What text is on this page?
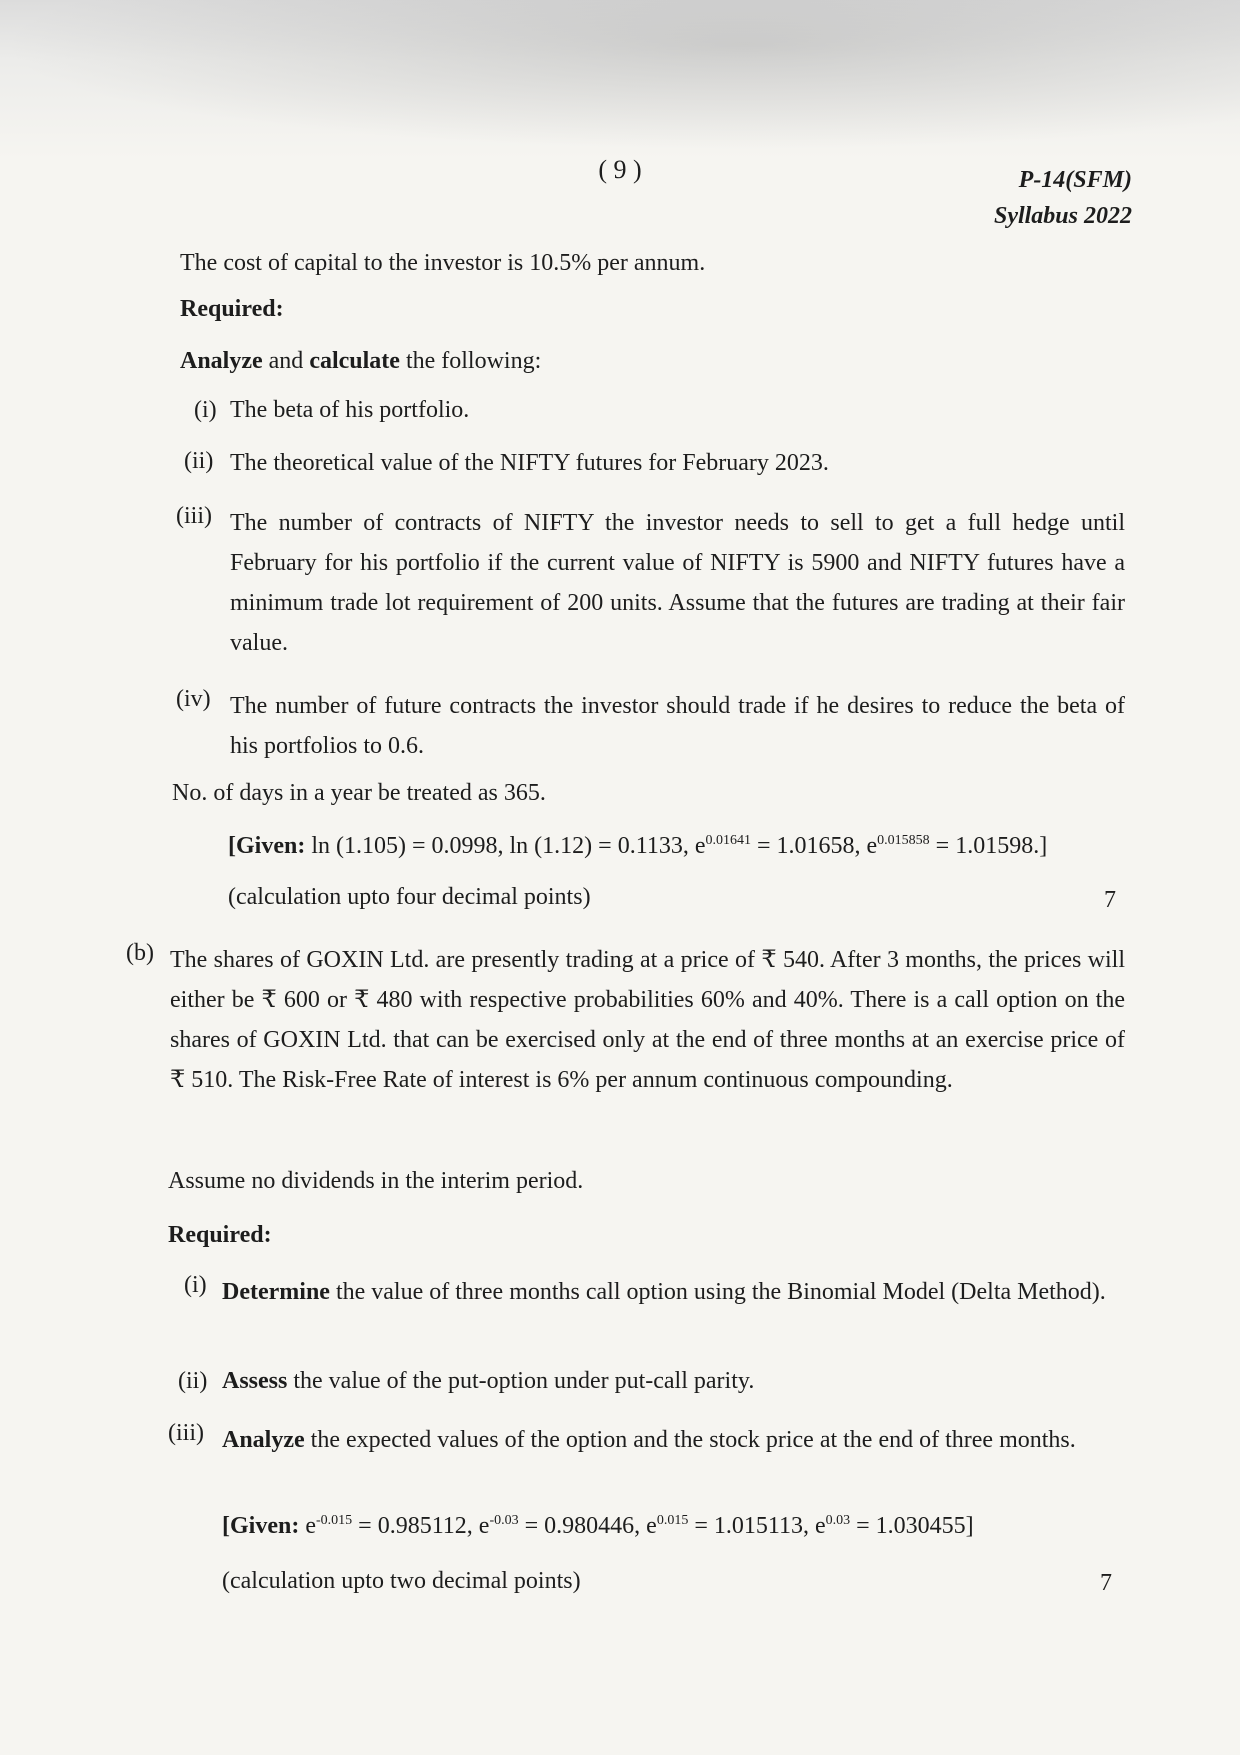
( 9 )	P-14(SFM)
Syllabus 2022
The cost of capital to the investor is 10.5% per annum.
Required:
Analyze and calculate the following:
(i) The beta of his portfolio.
(ii) The theoretical value of the NIFTY futures for February 2023.
(iii) The number of contracts of NIFTY the investor needs to sell to get a full hedge until February for his portfolio if the current value of NIFTY is 5900 and NIFTY futures have a minimum trade lot requirement of 200 units. Assume that the futures are trading at their fair value.
(iv) The number of future contracts the investor should trade if he desires to reduce the beta of his portfolios to 0.6.
No. of days in a year be treated as 365.
[Given: ln (1.105) = 0.0998, ln (1.12) = 0.1133, $e^{0.01641} = 1.01658$, $e^{0.015858} = 1.01598$.]
(calculation upto four decimal points)	7
(b) The shares of GOXIN Ltd. are presently trading at a price of ₹ 540. After 3 months, the prices will either be ₹ 600 or ₹ 480 with respective probabilities 60% and 40%. There is a call option on the shares of GOXIN Ltd. that can be exercised only at the end of three months at an exercise price of ₹ 510. The Risk-Free Rate of interest is 6% per annum continuous compounding.
Assume no dividends in the interim period.
Required:
(i) Determine the value of three months call option using the Binomial Model (Delta Method).
(ii) Assess the value of the put-option under put-call parity.
(iii) Analyze the expected values of the option and the stock price at the end of three months.
[Given: $e^{-0.015} = 0.985112$, $e^{-0.03} = 0.980446$, $e^{0.015} = 1.015113$, $e^{0.03} = 1.030455$]
(calculation upto two decimal points)	7
